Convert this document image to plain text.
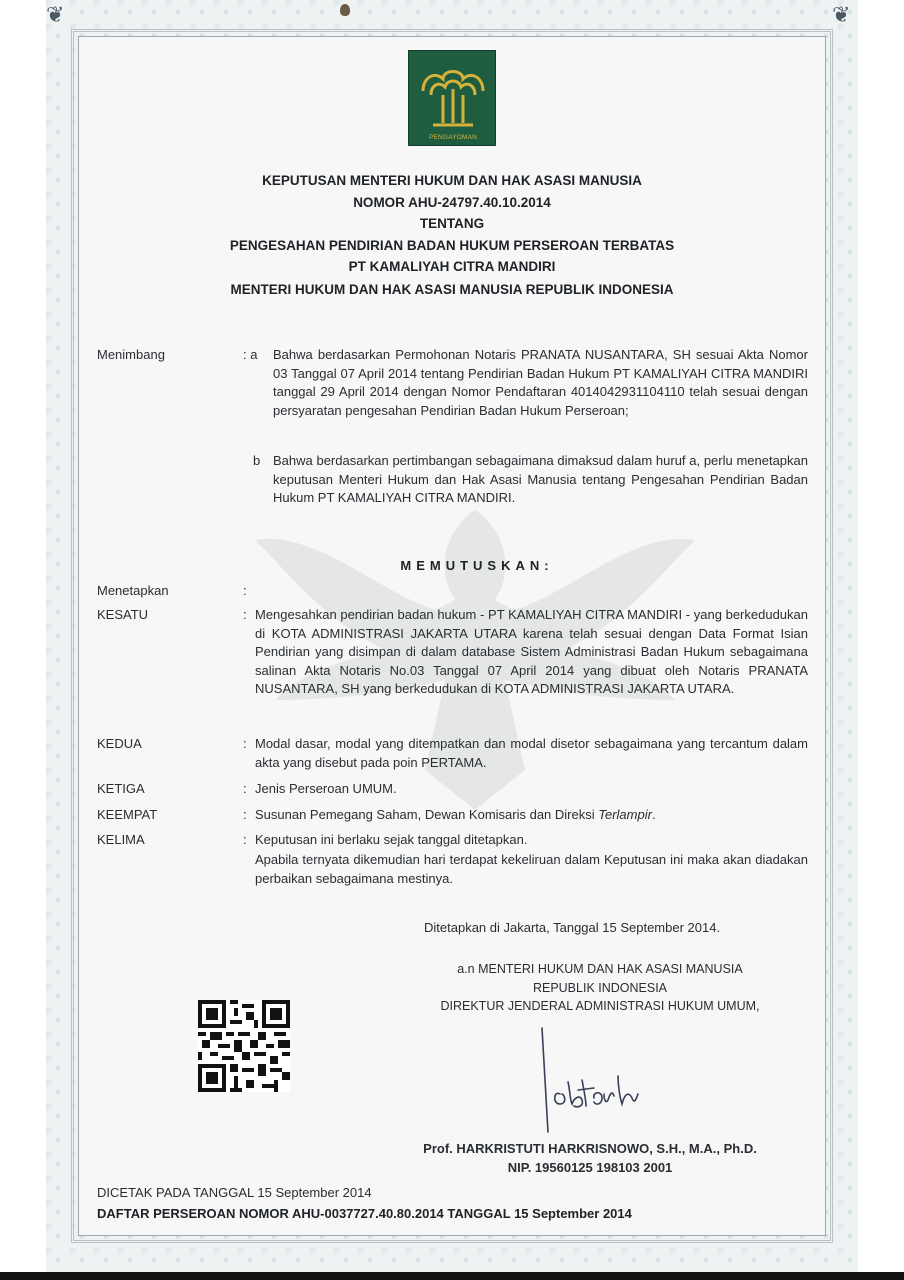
❦	❦
PENGAYOMAN
KEPUTUSAN MENTERI HUKUM DAN HAK ASASI MANUSIA
NOMOR AHU-24797.40.10.2014
TENTANG
PENGESAHAN PENDIRIAN BADAN HUKUM PERSEROAN TERBATAS
PT KAMALIYAH CITRA MANDIRI
MENTERI HUKUM DAN HAK ASASI MANUSIA REPUBLIK INDONESIA
Menimbang	: a Bahwa berdasarkan Permohonan Notaris PRANATA NUSANTARA, SH sesuai Akta Nomor 03 Tanggal 07 April 2014 tentang Pendirian Badan Hukum PT KAMALIYAH CITRA MANDIRI tanggal 29 April 2014 dengan Nomor Pendaftaran 4014042931104110 telah sesuai dengan persyaratan pengesahan Pendirian Badan Hukum Perseroan;
b Bahwa berdasarkan pertimbangan sebagaimana dimaksud dalam huruf a, perlu menetapkan keputusan Menteri Hukum dan Hak Asasi Manusia tentang Pengesahan Pendirian Badan Hukum PT KAMALIYAH CITRA MANDIRI.
MEMUTUSKAN:
Menetapkan	:
KESATU	: Mengesahkan pendirian badan hukum - PT KAMALIYAH CITRA MANDIRI - yang berkedudukan di KOTA ADMINISTRASI JAKARTA UTARA karena telah sesuai dengan Data Format Isian Pendirian yang disimpan di dalam database Sistem Administrasi Badan Hukum sebagaimana salinan Akta Notaris No.03 Tanggal 07 April 2014 yang dibuat oleh Notaris PRANATA NUSANTARA, SH yang berkedudukan di KOTA ADMINISTRASI JAKARTA UTARA.
KEDUA	: Modal dasar, modal yang ditempatkan dan modal disetor sebagaimana yang tercantum dalam akta yang disebut pada poin PERTAMA.
KETIGA	: Jenis Perseroan UMUM.
KEEMPAT	: Susunan Pemegang Saham, Dewan Komisaris dan Direksi Terlampir.
KELIMA	: Keputusan ini berlaku sejak tanggal ditetapkan.
Apabila ternyata dikemudian hari terdapat kekeliruan dalam Keputusan ini maka akan diadakan perbaikan sebagaimana mestinya.
Ditetapkan di Jakarta, Tanggal 15 September 2014.
a.n MENTERI HUKUM DAN HAK ASASI MANUSIA
REPUBLIK INDONESIA
DIREKTUR JENDERAL ADMINISTRASI HUKUM UMUM,
Prof. HARKRISTUTI HARKRISNOWO, S.H., M.A., Ph.D.
NIP. 19560125 198103 2001
DICETAK PADA TANGGAL 15 September 2014
DAFTAR PERSEROAN NOMOR AHU-0037727.40.80.2014 TANGGAL 15 September 2014
